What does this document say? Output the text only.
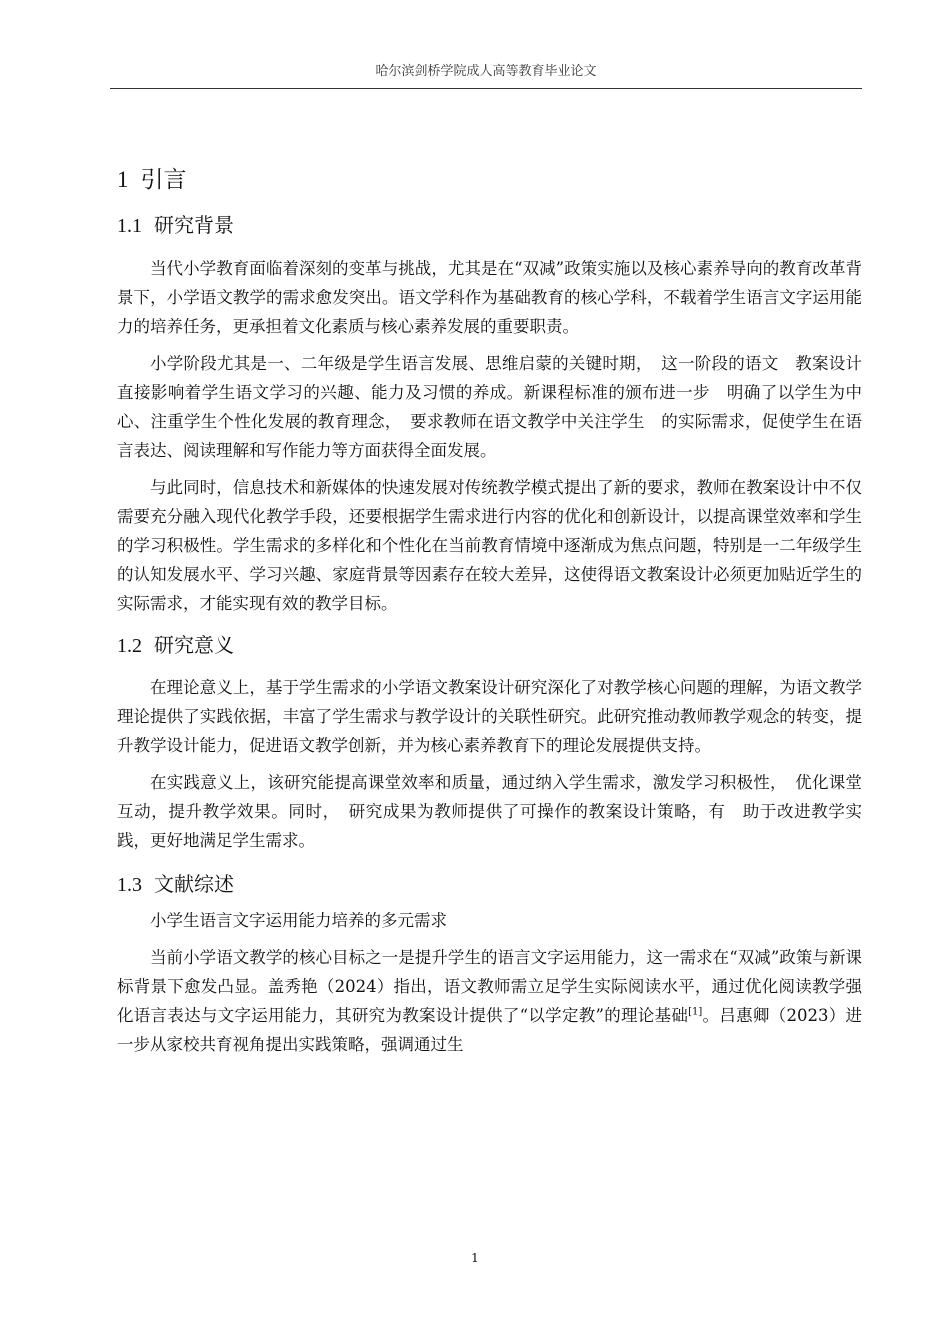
哈尔滨剑桥学院成人高等教育毕业论文
1 引言
1.1 研究背景

当代小学教育面临着深刻的变革与挑战，尤其是在“双减”政策实施以及核心素养导向的教育改革背景下，小学语文教学的需求愈发突出。语文学科作为基础教育的核心学科，不载着学生语言文字运用能力的培养任务，更承担着文化素质与核心素养发展的重要职责。

小学阶段尤其是一、二年级是学生语言发展、思维启蒙的关键时期，　这一阶段的语文　教案设计直接影响着学生语文学习的兴趣、能力及习惯的养成。新课程标准的颁布进一步　明确了以学生为中心、注重学生个性化发展的教育理念，　要求教师在语文教学中关注学生　的实际需求，促使学生在语言表达、阅读理解和写作能力等方面获得全面发展。

与此同时，信息技术和新媒体的快速发展对传统教学模式提出了新的要求，教师在教案设计中不仅需要充分融入现代化教学手段，还要根据学生需求进行内容的优化和创新设计，以提高课堂效率和学生的学习积极性。学生需求的多样化和个性化在当前教育情境中逐渐成为焦点问题，特别是一二年级学生的认知发展水平、学习兴趣、家庭背景等因素存在较大差异，这使得语文教案设计必须更加贴近学生的实际需求，才能实现有效的教学目标。

1.2 研究意义

在理论意义上，基于学生需求的小学语文教案设计研究深化了对教学核心问题的理解，为语文教学理论提供了实践依据，丰富了学生需求与教学设计的关联性研究。此研究推动教师教学观念的转变，提升教学设计能力，促进语文教学创新，并为核心素养教育下的理论发展提供支持。

在实践意义上，该研究能提高课堂效率和质量，通过纳入学生需求，激发学习积极性，　优化课堂互动，提升教学效果。同时，　研究成果为教师提供了可操作的教案设计策略，有　助于改进教学实践，更好地满足学生需求。

1.3 文献综述

小学生语言文字运用能力培养的多元需求

当前小学语文教学的核心目标之一是提升学生的语言文字运用能力，这一需求在“双减”政策与新课标背景下愈发凸显。盖秀艳（2024）指出，语文教师需立足学生实际阅读水平，通过优化阅读教学强化语言表达与文字运用能力，其研究为教案设计提供了“以学定教”的理论基础[1]。吕惠卿（2023）进一步从家校共育视角提出实践策略，强调通过生

1
